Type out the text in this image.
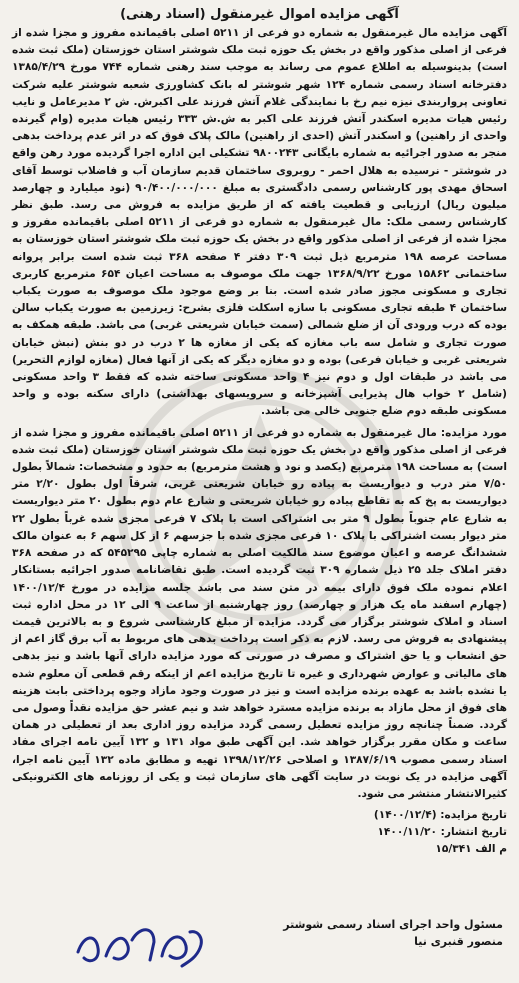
آگهی مزایده اموال غیرمنقول (اسناد رهنی)

آگهی مزایده مال غیرمنقول به شماره دو فرعی از ۵۲۱۱ اصلی باقیمانده مفروز و مجزا شده از فرعی از اصلی مذکور واقع در بخش یک حوزه ثبت ملک شوشتر استان خوزستان (ملک ثبت شده است) بدینوسیله به اطلاع عموم می رساند به موجب سند رهنی شماره ۷۴۴ مورخ ۱۳۸۵/۴/۲۹ دفترخانه اسناد رسمی شماره ۱۲۴ شهر شوشتر له بانک کشاورزی شعبه شوشتر علیه شرکت تعاونی پرواربندی نیزه نیم رخ با نمایندگی غلام آتش فرزند علی اکبرش. ش ۲ مدیرعامل و نایب رئیس هیات مدیره اسکندر آتش فرزند علی اکبر به ش.ش ۳۳۳ رئیس هیات مدیره (وام گیرنده واحدی از راهنین) و اسکندر آتش (احدی از راهنین) مالک پلاک فوق که در اثر عدم پرداخت بدهی منجر به صدور اجرائیه به شماره بایگانی ۹۸۰۰۲۴۳ تشکیلی این اداره اجرا گردیده مورد رهن واقع در شوشتر - نرسیده به هلال احمر - روبروی ساختمان قدیم سازمان آب و فاضلاب توسط آقای اسحاق مهدی پور کارشناس رسمی دادگستری به مبلغ ۹۰/۴۰۰/۰۰۰/۰۰۰ (نود میلیارد و چهارصد میلیون ریال) ارزیابی و قطعیت یافته که از طریق مزایده به فروش می رسد. طبق نظر کارشناس رسمی ملک: مال غیرمنقول به شماره دو فرعی از ۵۲۱۱ اصلی باقیمانده مفروز و مجزا شده از فرعی از اصلی مذکور واقع در بخش یک حوزه ثبت ملک شوشتر استان خوزستان به مساحت عرصه ۱۹۸ مترمربع ذیل ثبت ۳۰۹ دفتر ۴ صفحه ۳۶۸ ثبت شده است برابر پروانه ساختمانی ۱۵۸۶۲ مورخ ۱۳۶۸/۹/۲۲ جهت ملک موصوف به مساحت اعیان ۶۵۴ مترمربع کاربری تجاری و مسکونی مجوز صادر شده است. بنا بر وضع موجود ملک موصوف به صورت یکباب ساختمان ۴ طبقه تجاری مسکونی با سازه اسکلت فلزی بشرح: زیرزمین به صورت یکباب سالن بوده که درب ورودی آن از ضلع شمالی (سمت خیابان شریعتی غربی) می باشد. طبقه همکف به صورت تجاری و شامل سه باب مغازه که یکی از مغازه ها ۲ درب در دو بنش (نبش خیابان شریعتی غربی و خیابان فرعی) بوده و دو مغازه دیگر که یکی از آنها فعال (مغازه لوازم التحریر) می باشد در طبقات اول و دوم نیز ۴ واحد مسکونی ساخته شده که فقط ۳ واحد مسکونی (شامل ۲ خواب هال پذیرایی آشپزخانه و سرویسهای بهداشتی) دارای سکنه بوده و واحد مسکونی طبقه دوم ضلع جنوبی خالی می باشد.

مورد مزایده: مال غیرمنقول به شماره دو فرعی از ۵۲۱۱ اصلی باقیمانده مفروز و مجزا شده از فرعی از اصلی مذکور واقع در بخش یک حوزه ثبت ملک شوشتر استان خوزستان (ملک ثبت شده است) به مساحت ۱۹۸ مترمربع (یکصد و نود و هشت مترمربع) به حدود و مشخصات: شمالاً بطول ۷/۵۰ متر درب و دیواریست به پیاده رو خیابان شریعتی غربی، شرقاً اول بطول ۲/۲۰ متر دیواریست به پخ که به تقاطع پیاده رو خیابان شریعتی و شارع عام دوم بطول ۲۰ متر دیواریست به شارع عام جنوباً بطول ۹ متر بی اشتراکی است با پلاک ۷ فرعی مجزی شده غرباً بطول ۲۲ متر دیوار بست اشتراکی با پلاک ۱۰ فرعی مجزی شده با جزسهم ۶ از کل سهم ۶ به عنوان مالک ششدانگ عرصه و اعیان موضوع سند مالکیت اصلی به شماره چاپی ۵۴۵۲۹۵ که در صفحه ۳۶۸ دفتر املاک جلد ۲۵ ذیل شماره ۳۰۹ ثبت گردیده است. طبق تقاضانامه صدور اجرائیه بستانکار اعلام نموده ملک فوق دارای بیمه در متن سند می باشد جلسه مزایده در مورخ ۱۴۰۰/۱۲/۴ (چهارم اسفند ماه یک هزار و چهارصد) روز چهارشنبه از ساعت ۹ الی ۱۲ در محل اداره ثبت اسناد و املاک شوشتر برگزار می گردد. مزایده از مبلغ کارشناسی شروع و به بالاترین قیمت پیشنهادی به فروش می رسد. لازم به ذکر است پرداخت بدهی های مربوط به آب برق گاز اعم از حق انشعاب و یا حق اشتراک و مصرف در صورتی که مورد مزایده دارای آنها باشد و نیز بدهی های مالیاتی و عوارض شهرداری و غیره تا تاریخ مزایده اعم از اینکه رقم قطعی آن معلوم شده یا نشده باشد به عهده برنده مزایده است و نیز در صورت وجود مازاد وجوه پرداختی بابت هزینه های فوق از محل مازاد به برنده مزایده مسترد خواهد شد و نیم عشر حق مزایده نقداً وصول می گردد. ضمناً چنانچه روز مزایده تعطیل رسمی گردد مزایده روز اداری بعد از تعطیلی در همان ساعت و مکان مقرر برگزار خواهد شد. این آگهی طبق مواد ۱۳۱ و ۱۳۲ آیین نامه اجرای مفاد اسناد رسمی مصوب ۱۳۸۷/۶/۱۹ و اصلاحی ۱۳۹۸/۱۲/۲۶ تهیه و مطابق ماده ۱۳۲ آیین نامه اجرا، آگهی مزایده در یک نوبت در سایت آگهی های سازمان ثبت و یکی از روزنامه های الکترونیکی کثیرالانتشار منتشر می شود.

تاریخ مزایده: (۱۴۰۰/۱۲/۴)

تاریخ انتشار: ۱۴۰۰/۱۱/۲۰

م الف ۱۵/۳۴۱

مسئول واحد اجرای اسناد رسمی شوشتر
منصور قنبری نیا
